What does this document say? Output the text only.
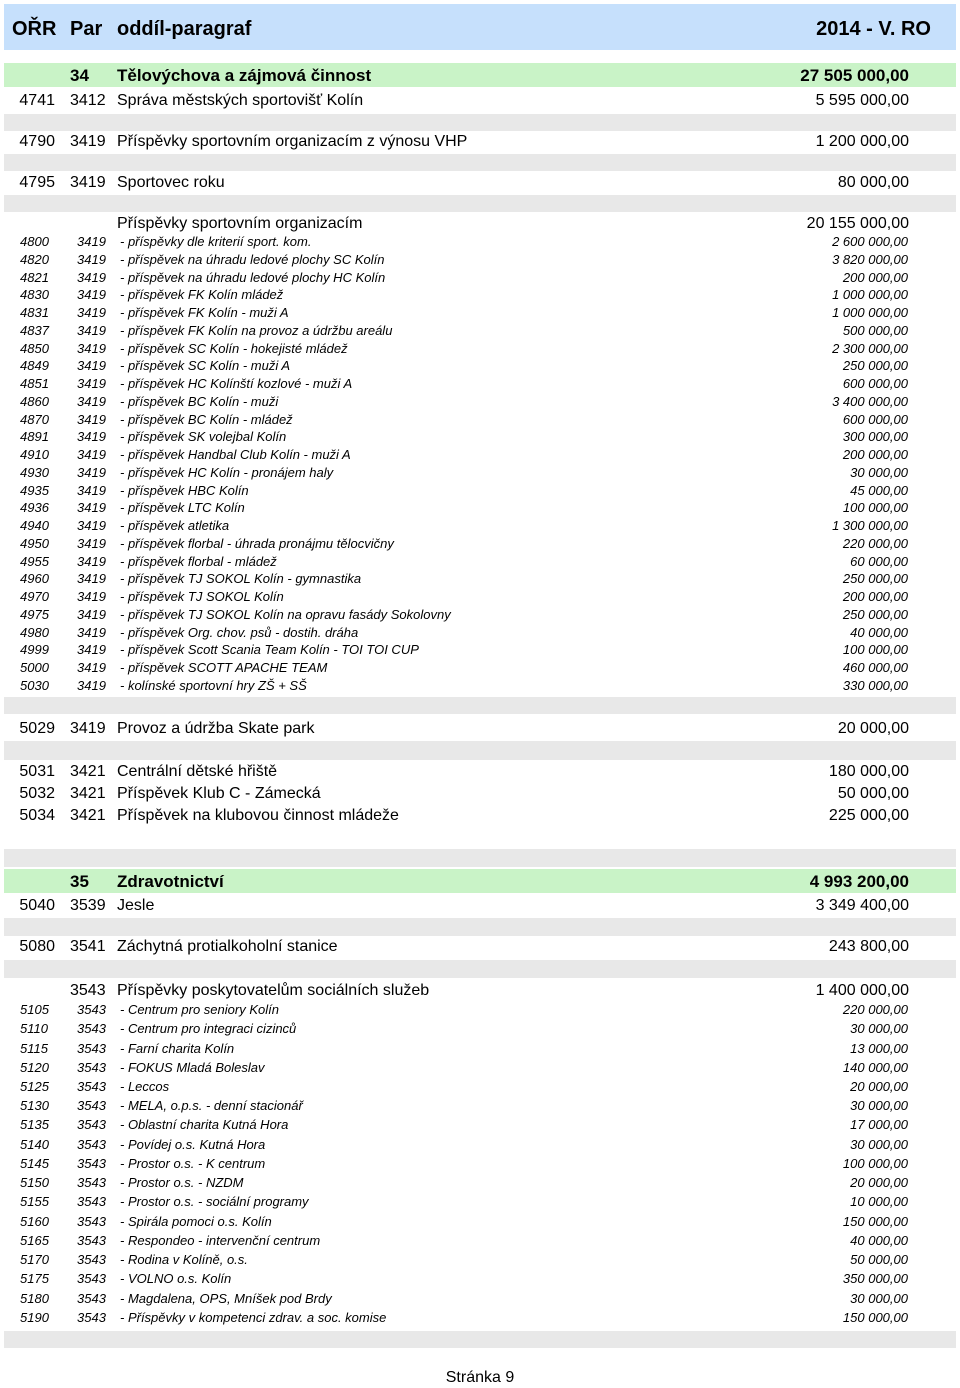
OŘR Par oddíl-paragraf	2014 - V. RO
34 Tělovýchova a zájmová činnost	27 505 000,00
4741 3412 Správa městských sportovišť Kolín	5 595 000,00
4790 3419 Příspěvky sportovním organizacím z výnosu VHP	1 200 000,00
4795 3419 Sportovec roku	80 000,00
Příspěvky sportovním organizacím	20 155 000,00
4800 3419 - příspěvky dle kriterií sport. kom.	2 600 000,00
4820 3419 - příspěvek na úhradu ledové plochy SC Kolín	3 820 000,00
4821 3419 - příspěvek na úhradu ledové plochy HC Kolín	200 000,00
4830 3419 - příspěvek FK Kolín mládež	1 000 000,00
4831 3419 - příspěvek FK Kolín - muži A	1 000 000,00
4837 3419 - příspěvek FK Kolín na provoz a údržbu areálu	500 000,00
4850 3419 - příspěvek SC Kolín - hokejisté mládež	2 300 000,00
4849 3419 - příspěvek SC Kolín - muži A	250 000,00
4851 3419 - příspěvek HC Kolínští kozlové - muži A	600 000,00
4860 3419 - příspěvek BC Kolín - muži	3 400 000,00
4870 3419 - příspěvek BC Kolín - mládež	600 000,00
4891 3419 - příspěvek SK volejbal Kolín	300 000,00
4910 3419 - příspěvek Handbal Club Kolín - muži A	200 000,00
4930 3419 - příspěvek HC Kolín - pronájem haly	30 000,00
4935 3419 - příspěvek HBC Kolín	45 000,00
4936 3419 - příspěvek LTC Kolín	100 000,00
4940 3419 - příspěvek atletika	1 300 000,00
4950 3419 - příspěvek florbal - úhrada pronájmu tělocvičny	220 000,00
4955 3419 - příspěvek florbal - mládež	60 000,00
4960 3419 - příspěvek TJ SOKOL Kolín - gymnastika	250 000,00
4970 3419 - příspěvek TJ SOKOL Kolín	200 000,00
4975 3419 - příspěvek TJ SOKOL Kolín na opravu fasády Sokolovny	250 000,00
4980 3419 - příspěvek Org. chov. psů - dostih. dráha	40 000,00
4999 3419 - příspěvek Scott Scania Team Kolín - TOI TOI CUP	100 000,00
5000 3419 - příspěvek SCOTT APACHE TEAM	460 000,00
5030 3419 - kolínské sportovní hry ZŠ + SŠ	330 000,00
5029 3419 Provoz a údržba Skate park	20 000,00
5031 3421 Centrální dětské hřiště	180 000,00
5032 3421 Příspěvek Klub C - Zámecká	50 000,00
5034 3421 Příspěvek na klubovou činnost mládeže	225 000,00
35 Zdravotnictví	4 993 200,00
5040 3539 Jesle	3 349 400,00
5080 3541 Záchytná protialkoholní stanice	243 800,00
3543 Příspěvky poskytovatelům sociálních služeb	1 400 000,00
5105 3543 - Centrum pro seniory Kolín	220 000,00
5110 3543 - Centrum pro integraci cizinců	30 000,00
5115 3543 - Farní charita Kolín	13 000,00
5120 3543 - FOKUS Mladá Boleslav	140 000,00
5125 3543 - Leccos	20 000,00
5130 3543 - MELA, o.p.s. - denní stacionář	30 000,00
5135 3543 - Oblastní charita Kutná Hora	17 000,00
5140 3543 - Povídej o.s. Kutná Hora	30 000,00
5145 3543 - Prostor o.s. - K centrum	100 000,00
5150 3543 - Prostor o.s. - NZDM	20 000,00
5155 3543 - Prostor o.s. - sociální programy	10 000,00
5160 3543 - Spirála pomoci o.s. Kolín	150 000,00
5165 3543 - Respondeo - intervenční centrum	40 000,00
5170 3543 - Rodina v Kolíně, o.s.	50 000,00
5175 3543 - VOLNO o.s. Kolín	350 000,00
5180 3543 - Magdalena, OPS, Mníšek pod Brdy	30 000,00
5190 3543 - Příspěvky v kompetenci zdrav. a soc. komise	150 000,00
Stránka 9
